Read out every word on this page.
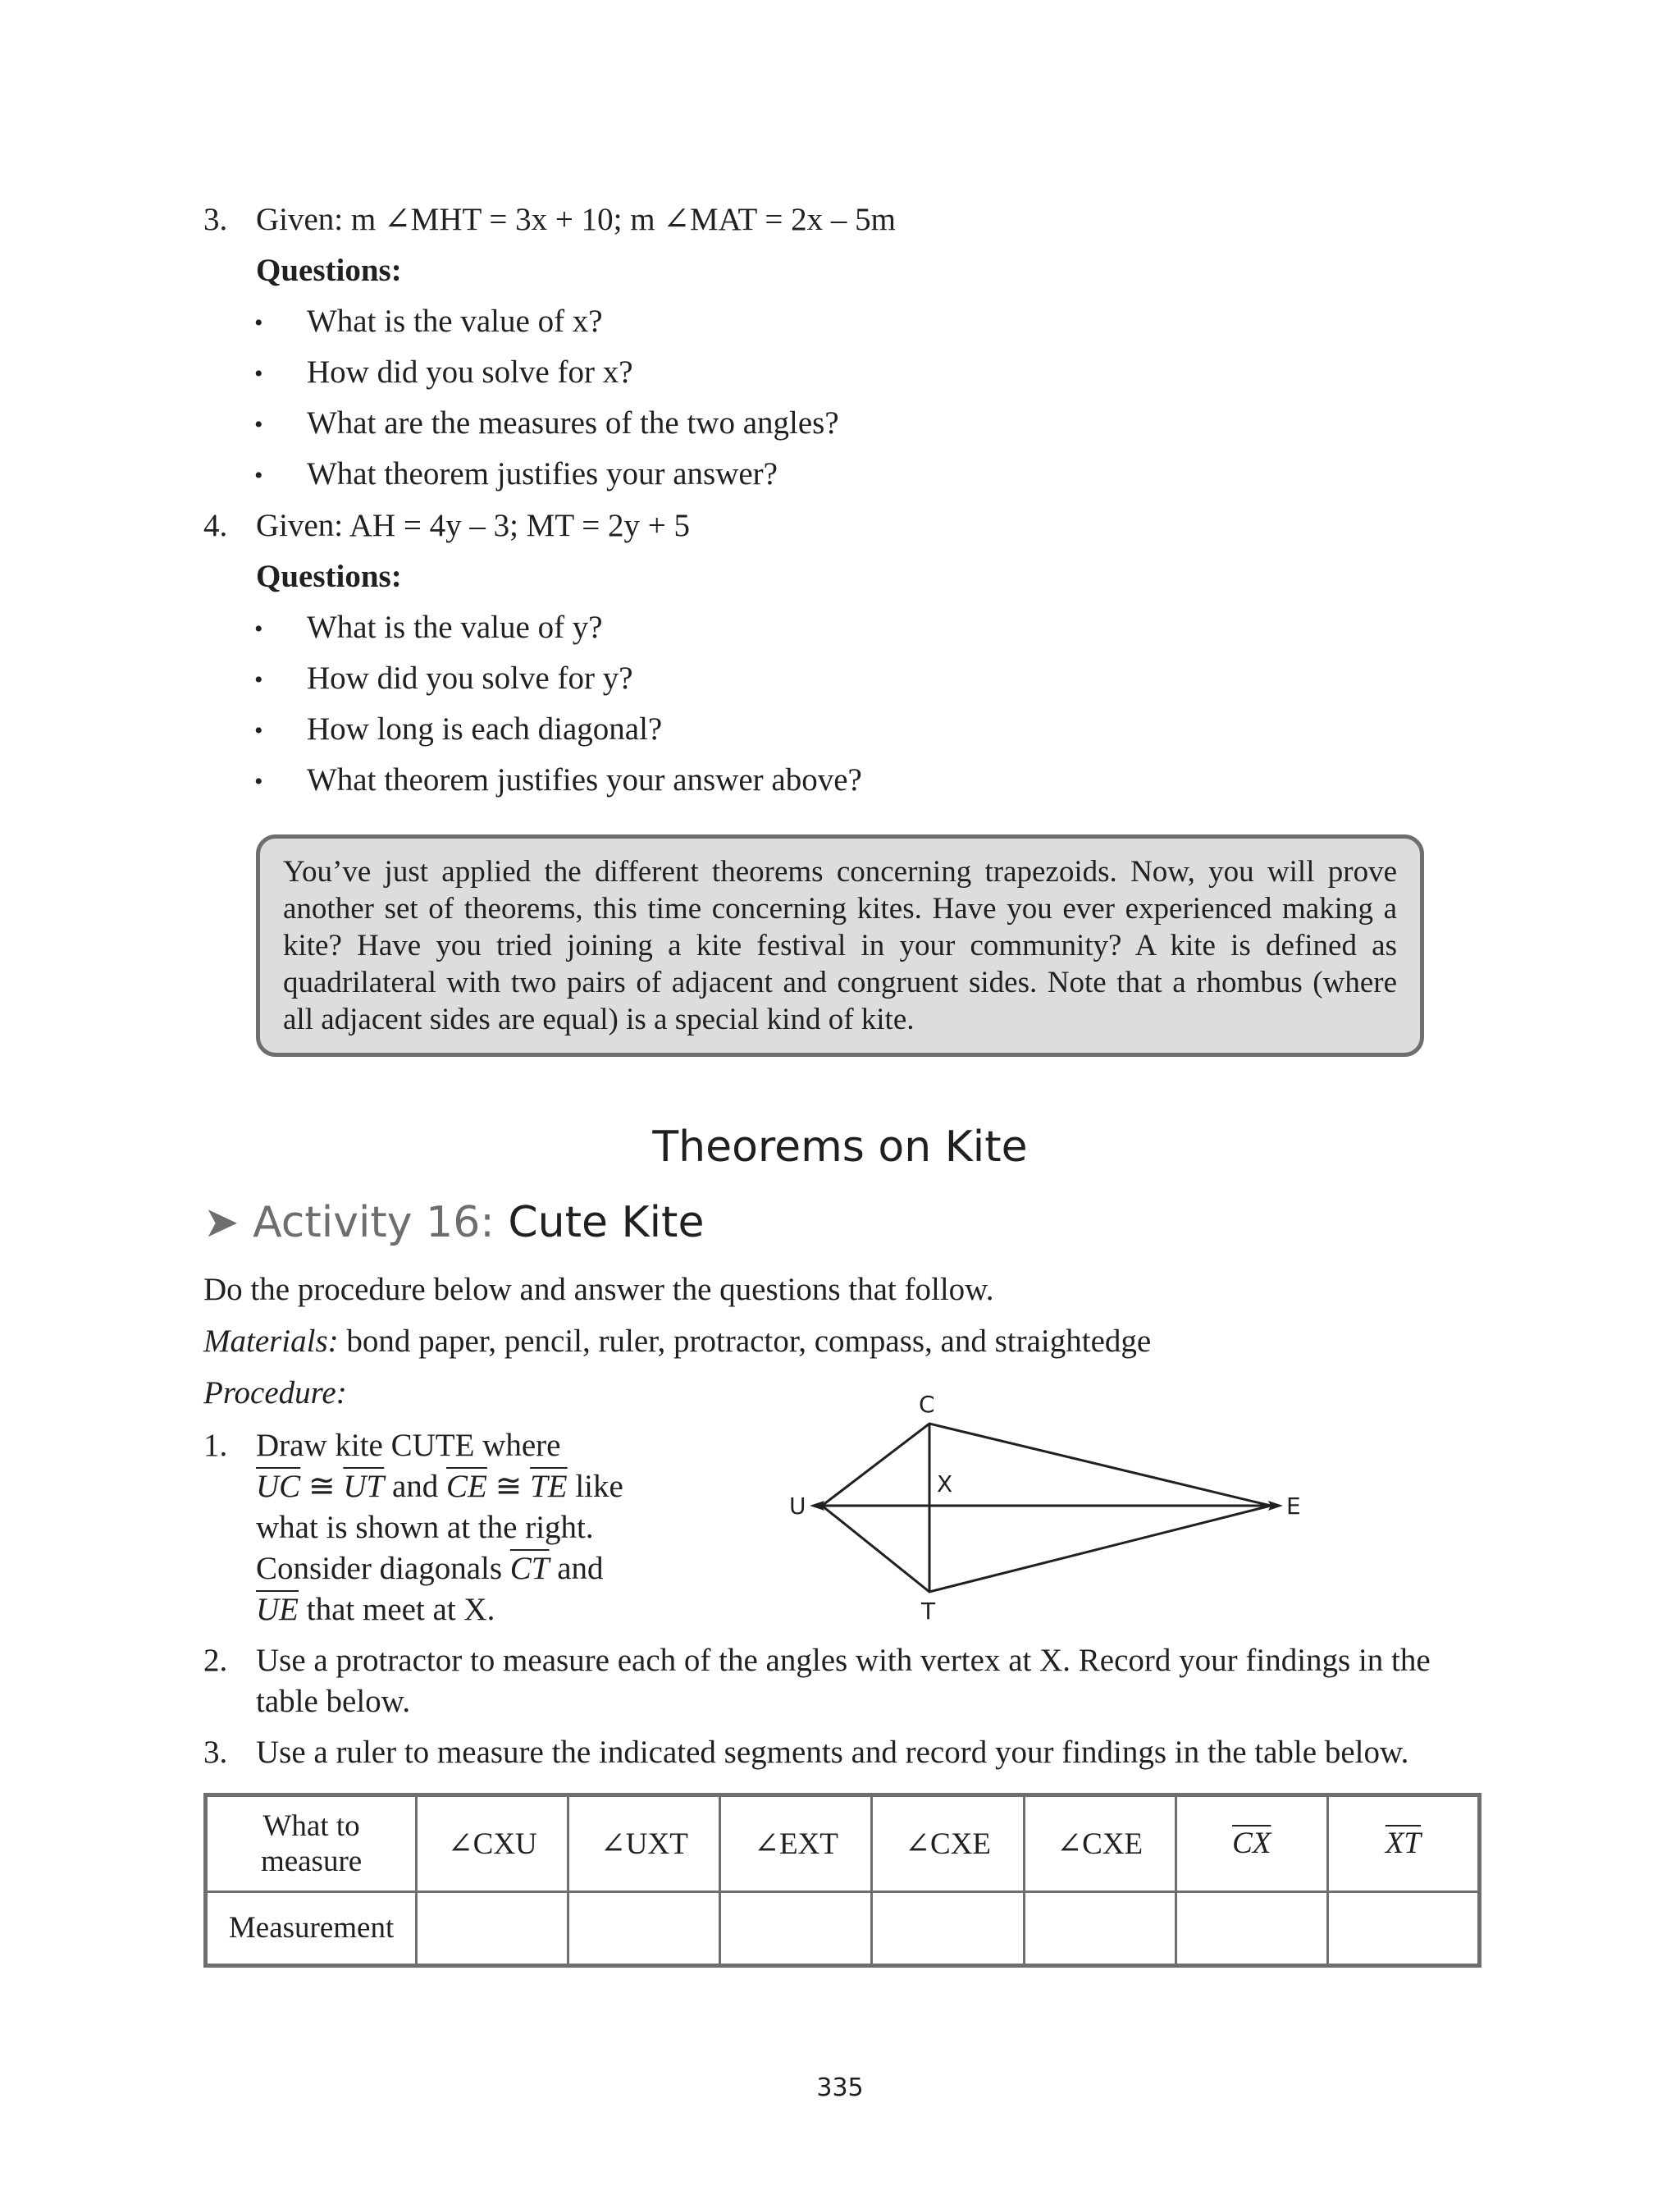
3. Given: m ∠MHT = 3x + 10; m ∠MAT = 2x – 5m
Questions:
• What is the value of x?
• How did you solve for x?
• What are the measures of the two angles?
• What theorem justifies your answer?
4. Given: AH = 4y – 3; MT = 2y + 5
Questions:
• What is the value of y?
• How did you solve for y?
• How long is each diagonal?
• What theorem justifies your answer above?

You’ve just applied the different theorems concerning trapezoids. Now, you will prove another set of theorems, this time concerning kites. Have you ever experienced making a kite? Have you tried joining a kite festival in your community? A kite is defined as quadrilateral with two pairs of adjacent and congruent sides. Note that a rhombus (where all adjacent sides are equal) is a special kind of kite.

Theorems on Kite
➤ Activity 16: Cute Kite
Do the procedure below and answer the questions that follow.
Materials: bond paper, pencil, ruler, protractor, compass, and straightedge
Procedure:
1. Draw kite CUTE where
$\overline{UC}$ ≅ $\overline{UT}$ and $\overline{CE}$ ≅ $\overline{TE}$ like
what is shown at the right.
Consider diagonals $\overline{CT}$ and
$\overline{UE}$ that meet at X.
C
U
X
E
T
2. Use a protractor to measure each of the angles with vertex at X. Record your findings in the
table below.
3. Use a ruler to measure the indicated segments and record your findings in the table below.
What to
measure	∠CXU	∠UXT	∠EXT	∠CXE	∠CXE	$\overline{CX}$	$\overline{XT}$
Measurement							
335
